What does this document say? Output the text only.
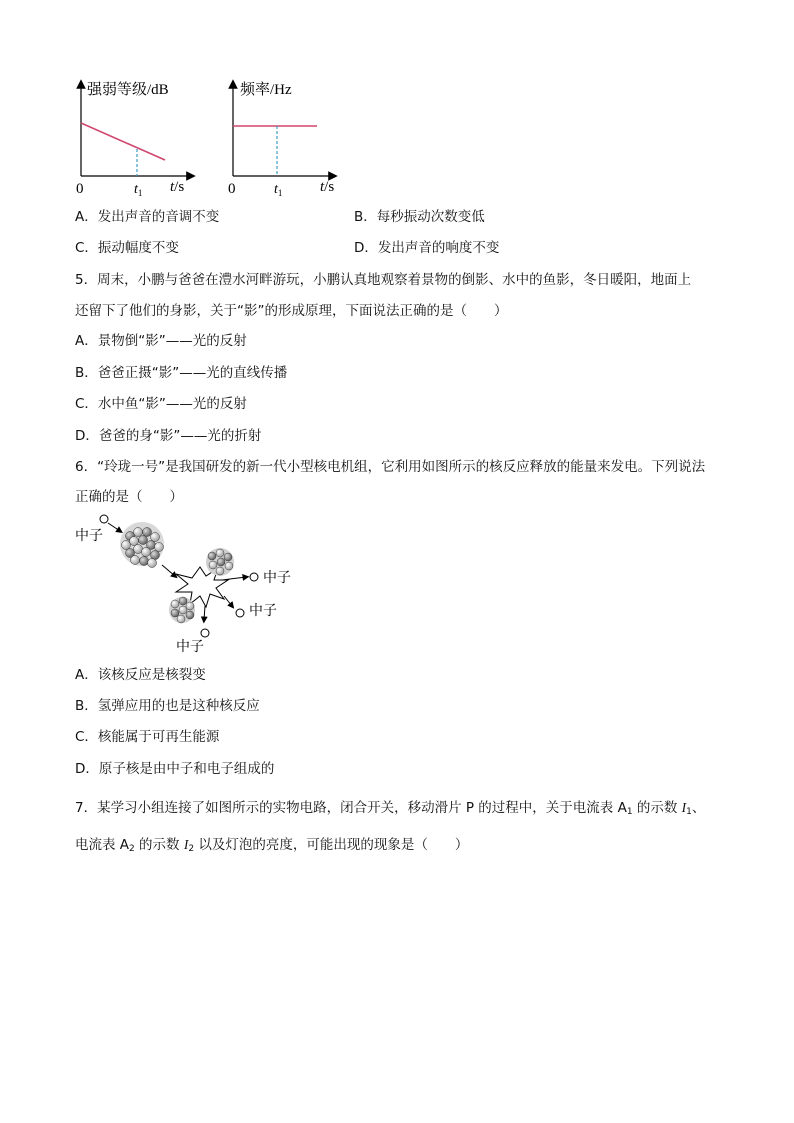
强弱等级/dB
0	$t_1$ t/s
频率/Hz
0	$t_1$	t/s
A．发出声音的音调不变	B．每秒振动次数变低
C．振动幅度不变	D．发出声音的响度不变
5．周末，小鹏与爸爸在澧水河畔游玩，小鹏认真地观察着景物的倒影、水中的鱼影，冬日暖阳，地面上
还留下了他们的身影，关于“影”的形成原理，下面说法正确的是（　　）
A．景物倒“影”——光的反射
B．爸爸正摄“影”——光的直线传播
C．水中鱼“影”——光的反射
D．爸爸的身“影”——光的折射
6．“玲珑一号”是我国研发的新一代小型核电机组，它利用如图所示的核反应释放的能量来发电。下列说法
正确的是（　　）
中子
中子
中子
中子
A．该核反应是核裂变
B．氢弹应用的也是这种核反应
C．核能属于可再生能源
D．原子核是由中子和电子组成的
7．某学习小组连接了如图所示的实物电路，闭合开关，移动滑片 P 的过程中，关于电流表 $A_1$ 的示数 $I_1$、
电流表 $A_2$ 的示数 $I_2$ 以及灯泡的亮度，可能出现的现象是（　　）
